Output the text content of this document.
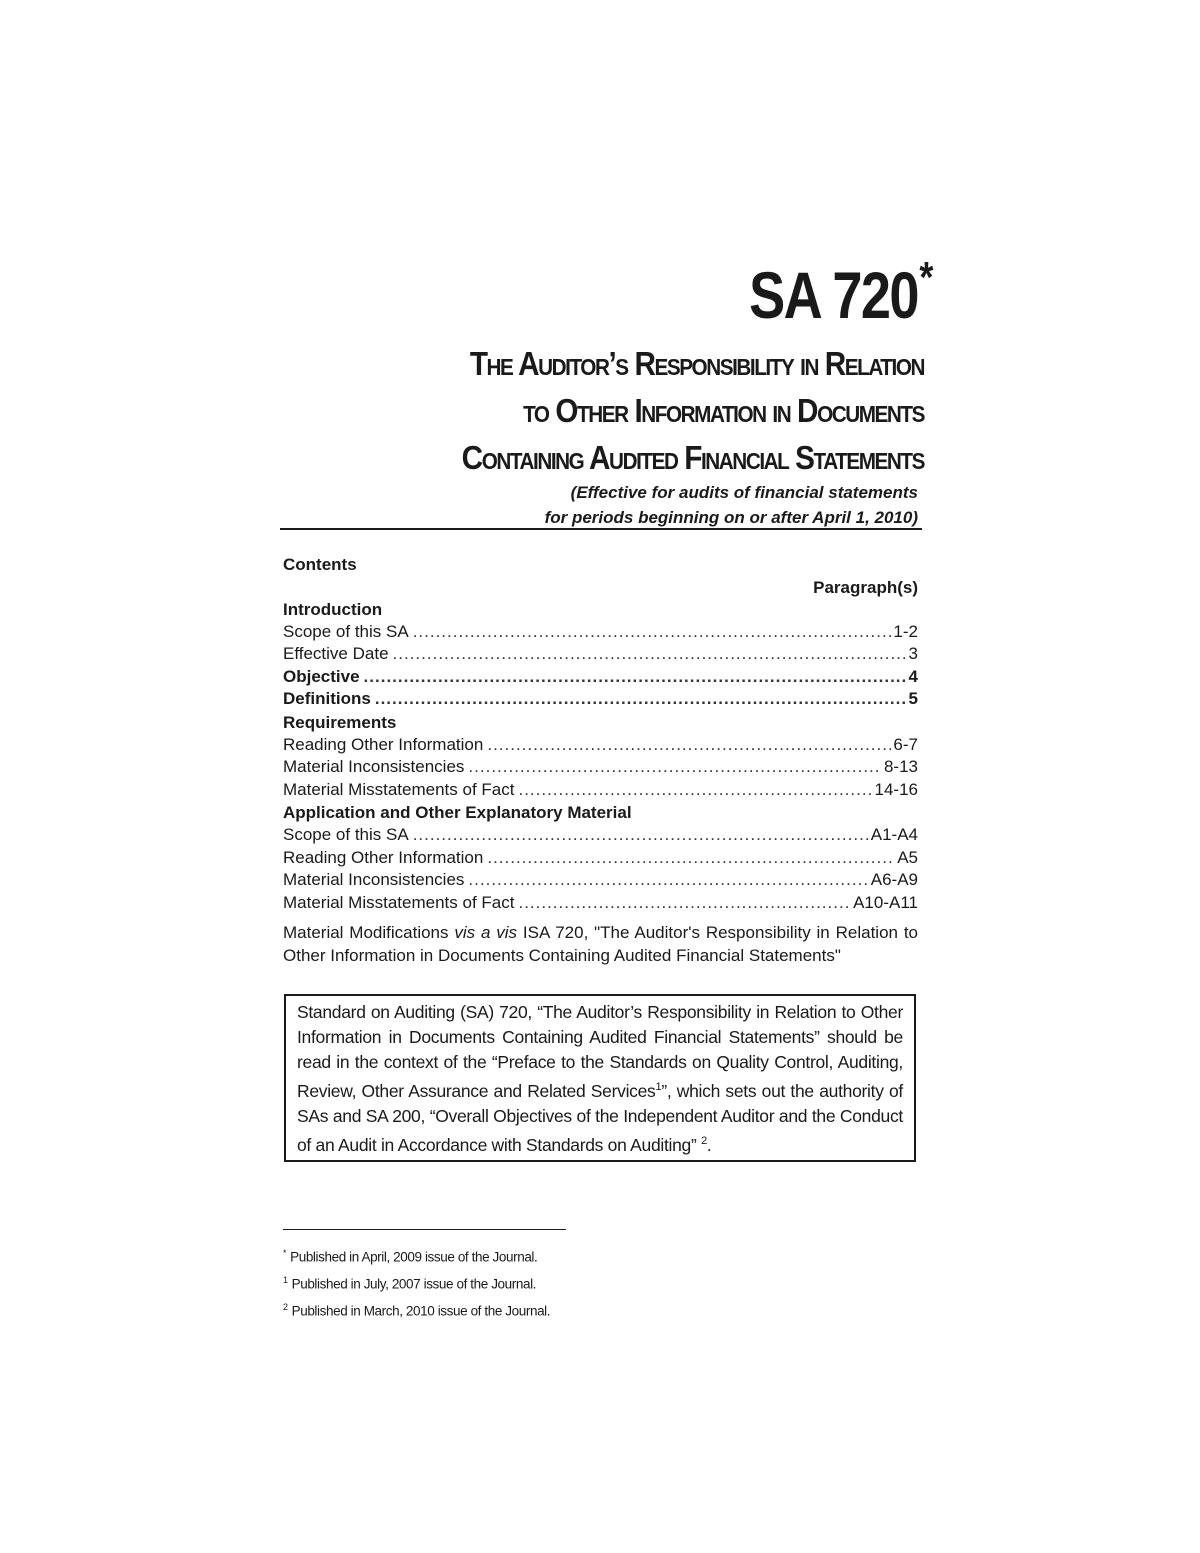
SA 720*
The Auditor’s Responsibility in Relation
to Other Information in Documents
Containing Audited Financial Statements
(Effective for audits of financial statements
for periods beginning on or after April 1, 2010)
Contents
Paragraph(s)
Introduction
Scope of this SA .....	1-2
Effective Date .....	3
Objective .....	4
Definitions .....	5
Requirements
Reading Other Information .....	6-7
Material Inconsistencies .....	8-13
Material Misstatements of Fact .....	14-16
Application and Other Explanatory Material
Scope of this SA .....	A1-A4
Reading Other Information .....	A5
Material Inconsistencies .....	A6-A9
Material Misstatements of Fact .....	A10-A11
Material Modifications vis a vis ISA 720, "The Auditor's Responsibility in Relation to Other Information in Documents Containing Audited Financial Statements"
Standard on Auditing (SA) 720, “The Auditor’s Responsibility in Relation to Other Information in Documents Containing Audited Financial Statements” should be read in the context of the “Preface to the Standards on Quality Control, Auditing, Review, Other Assurance and Related Services$^1$”, which sets out the authority of SAs and SA 200, “Overall Objectives of the Independent Auditor and the Conduct of an Audit in Accordance with Standards on Auditing” $^2$.
* Published in April, 2009 issue of the Journal.
$^1$ Published in July, 2007 issue of the Journal.
$^2$ Published in March, 2010 issue of the Journal.
